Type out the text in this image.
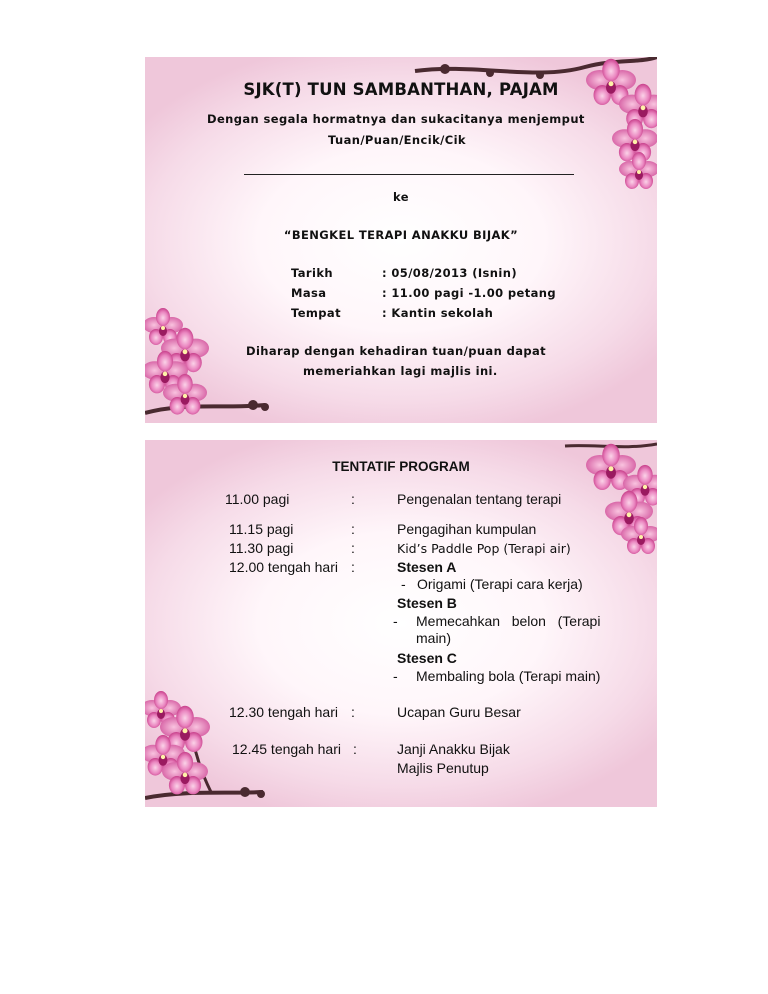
SJK(T) TUN SAMBANTHAN, PAJAM
Dengan segala hormatnya dan sukacitanya menjemput
Tuan/Puan/Encik/Cik
ke
“BENGKEL TERAPI ANAKKU BIJAK”
Tarikh	: 05/08/2013 (Isnin)
Masa	: 11.00 pagi -1.00 petang
Tempat	: Kantin sekolah
Diharap dengan kehadiran tuan/puan dapat
memeriahkan lagi majlis ini.
TENTATIF PROGRAM
11.00 pagi	:	Pengenalan tentang terapi
11.15 pagi	:	Pengagihan kumpulan
11.30 pagi	:	Kid’s Paddle Pop (Terapi air)
12.00 tengah hari :	Stesen A
- Origami (Terapi cara kerja)
Stesen B
- Memecahkan   belon   (Terapi
main)
Stesen C
- Membaling bola (Terapi main)
12.30 tengah hari :	Ucapan Guru Besar
12.45 tengah hari :	Janji Anakku Bijak
Majlis Penutup
